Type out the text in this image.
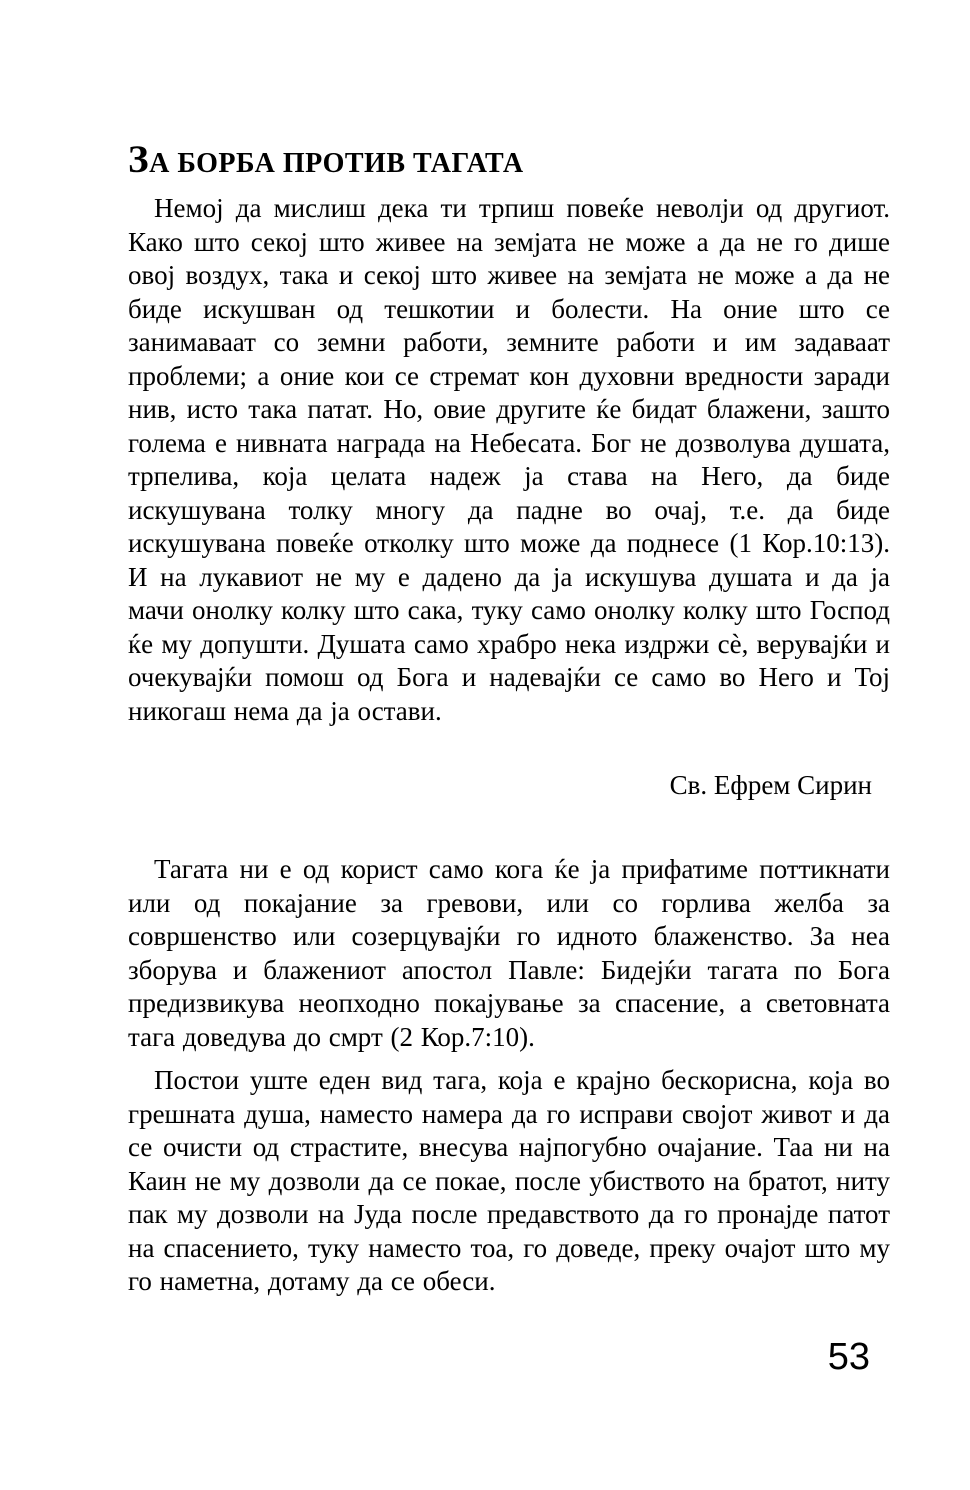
ЗА БОРБА ПРОТИВ ТАГАТА

Немој да мислиш дека ти трпиш повеќе неволји од другиот. Како што секој што живее на земјата не може а да не го дише овој воздух, така и секој што живее на земјата не може а да не биде искушван од тешкотии и болести. На оние што се занимаваат со земни работи, земните работи и им задаваат проблеми; а оние кои се стремат кон духовни вредности заради нив, исто така патат. Но, овие другите ќе бидат блажени, зашто голема е нивната награда на Небесата. Бог не дозволува душата, трпелива, која целата надеж ја става на Него, да биде искушувана толку многу да падне во очај, т.е. да биде искушувана повеќе отколку што може да поднесе (1 Кор.10:13). И на лукавиот не му е дадено да ја искушува душата и да ја мачи онолку колку што сака, туку само онолку колку што Господ ќе му допушти. Душата само храбро нека издржи сѐ, верувајќи и очекувајќи помош од Бога и надевајќи се само во Него и Тој никогаш нема да ја остави.

Св. Ефрем Сирин

Тагата ни е од корист само кога ќе ја прифатиме поттикнати или од покајание за гревови, или со горлива желба за совршенство или созерцувајќи го идното блаженство. За неа зборува и блажениот апостол Павле: Бидејќи тагата по Бога предизвикува неопходно покајување за спасение, а световната тага доведува до смрт (2 Кор.7:10).

Постои уште еден вид тага, која е крајно бескорисна, која во грешната душа, наместо намера да го исправи својот живот и да се очисти од страстите, внесува најпогубно очајание. Таа ни на Каин не му дозволи да се покае, после убиството на братот, ниту пак му дозволи на Јуда после предавството да го пронајде патот на спасението, туку наместо тоа, го доведе, преку очајот што му го наметна, дотаму да се обеси.

53
